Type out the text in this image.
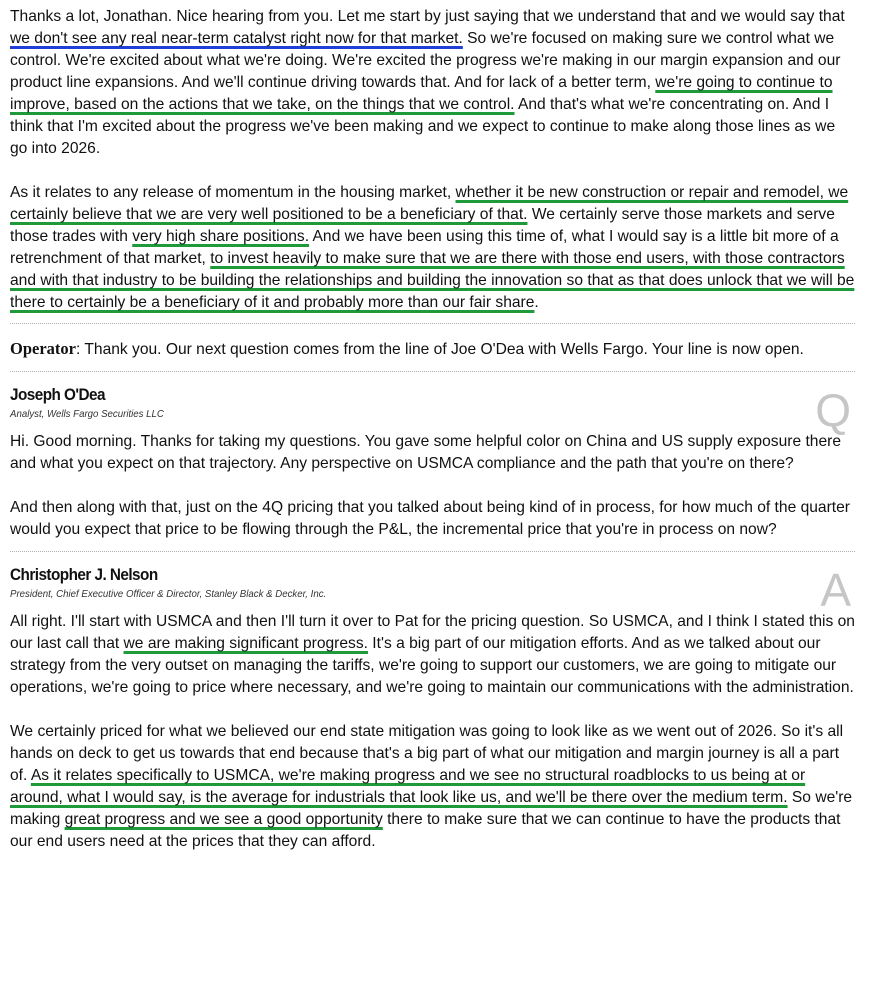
Thanks a lot, Jonathan. Nice hearing from you. Let me start by just saying that we understand that and we would say that we don't see any real near-term catalyst right now for that market. So we're focused on making sure we control what we control. We're excited about what we're doing. We're excited the progress we're making in our margin expansion and our product line expansions. And we'll continue driving towards that. And for lack of a better term, we're going to continue to improve, based on the actions that we take, on the things that we control. And that's what we're concentrating on. And I think that I'm excited about the progress we've been making and we expect to continue to make along those lines as we go into 2026.

As it relates to any release of momentum in the housing market, whether it be new construction or repair and remodel, we certainly believe that we are very well positioned to be a beneficiary of that. We certainly serve those markets and serve those trades with very high share positions. And we have been using this time of, what I would say is a little bit more of a retrenchment of that market, to invest heavily to make sure that we are there with those end users, with those contractors and with that industry to be building the relationships and building the innovation so that as that does unlock that we will be there to certainly be a beneficiary of it and probably more than our fair share.

Operator: Thank you. Our next question comes from the line of Joe O'Dea with Wells Fargo. Your line is now open.

Joseph O'Dea
Analyst, Wells Fargo Securities LLC	Q

Hi. Good morning. Thanks for taking my questions. You gave some helpful color on China and US supply exposure there and what you expect on that trajectory. Any perspective on USMCA compliance and the path that you're on there?

And then along with that, just on the 4Q pricing that you talked about being kind of in process, for how much of the quarter would you expect that price to be flowing through the P&L, the incremental price that you're in process on now?

Christopher J. Nelson
President, Chief Executive Officer & Director, Stanley Black & Decker, Inc.	A

All right. I'll start with USMCA and then I'll turn it over to Pat for the pricing question. So USMCA, and I think I stated this on our last call that we are making significant progress. It's a big part of our mitigation efforts. And as we talked about our strategy from the very outset on managing the tariffs, we're going to support our customers, we are going to mitigate our operations, we're going to price where necessary, and we're going to maintain our communications with the administration.

We certainly priced for what we believed our end state mitigation was going to look like as we went out of 2026. So it's all hands on deck to get us towards that end because that's a big part of what our mitigation and margin journey is all a part of. As it relates specifically to USMCA, we're making progress and we see no structural roadblocks to us being at or around, what I would say, is the average for industrials that look like us, and we'll be there over the medium term. So we're making great progress and we see a good opportunity there to make sure that we can continue to have the products that our end users need at the prices that they can afford.
